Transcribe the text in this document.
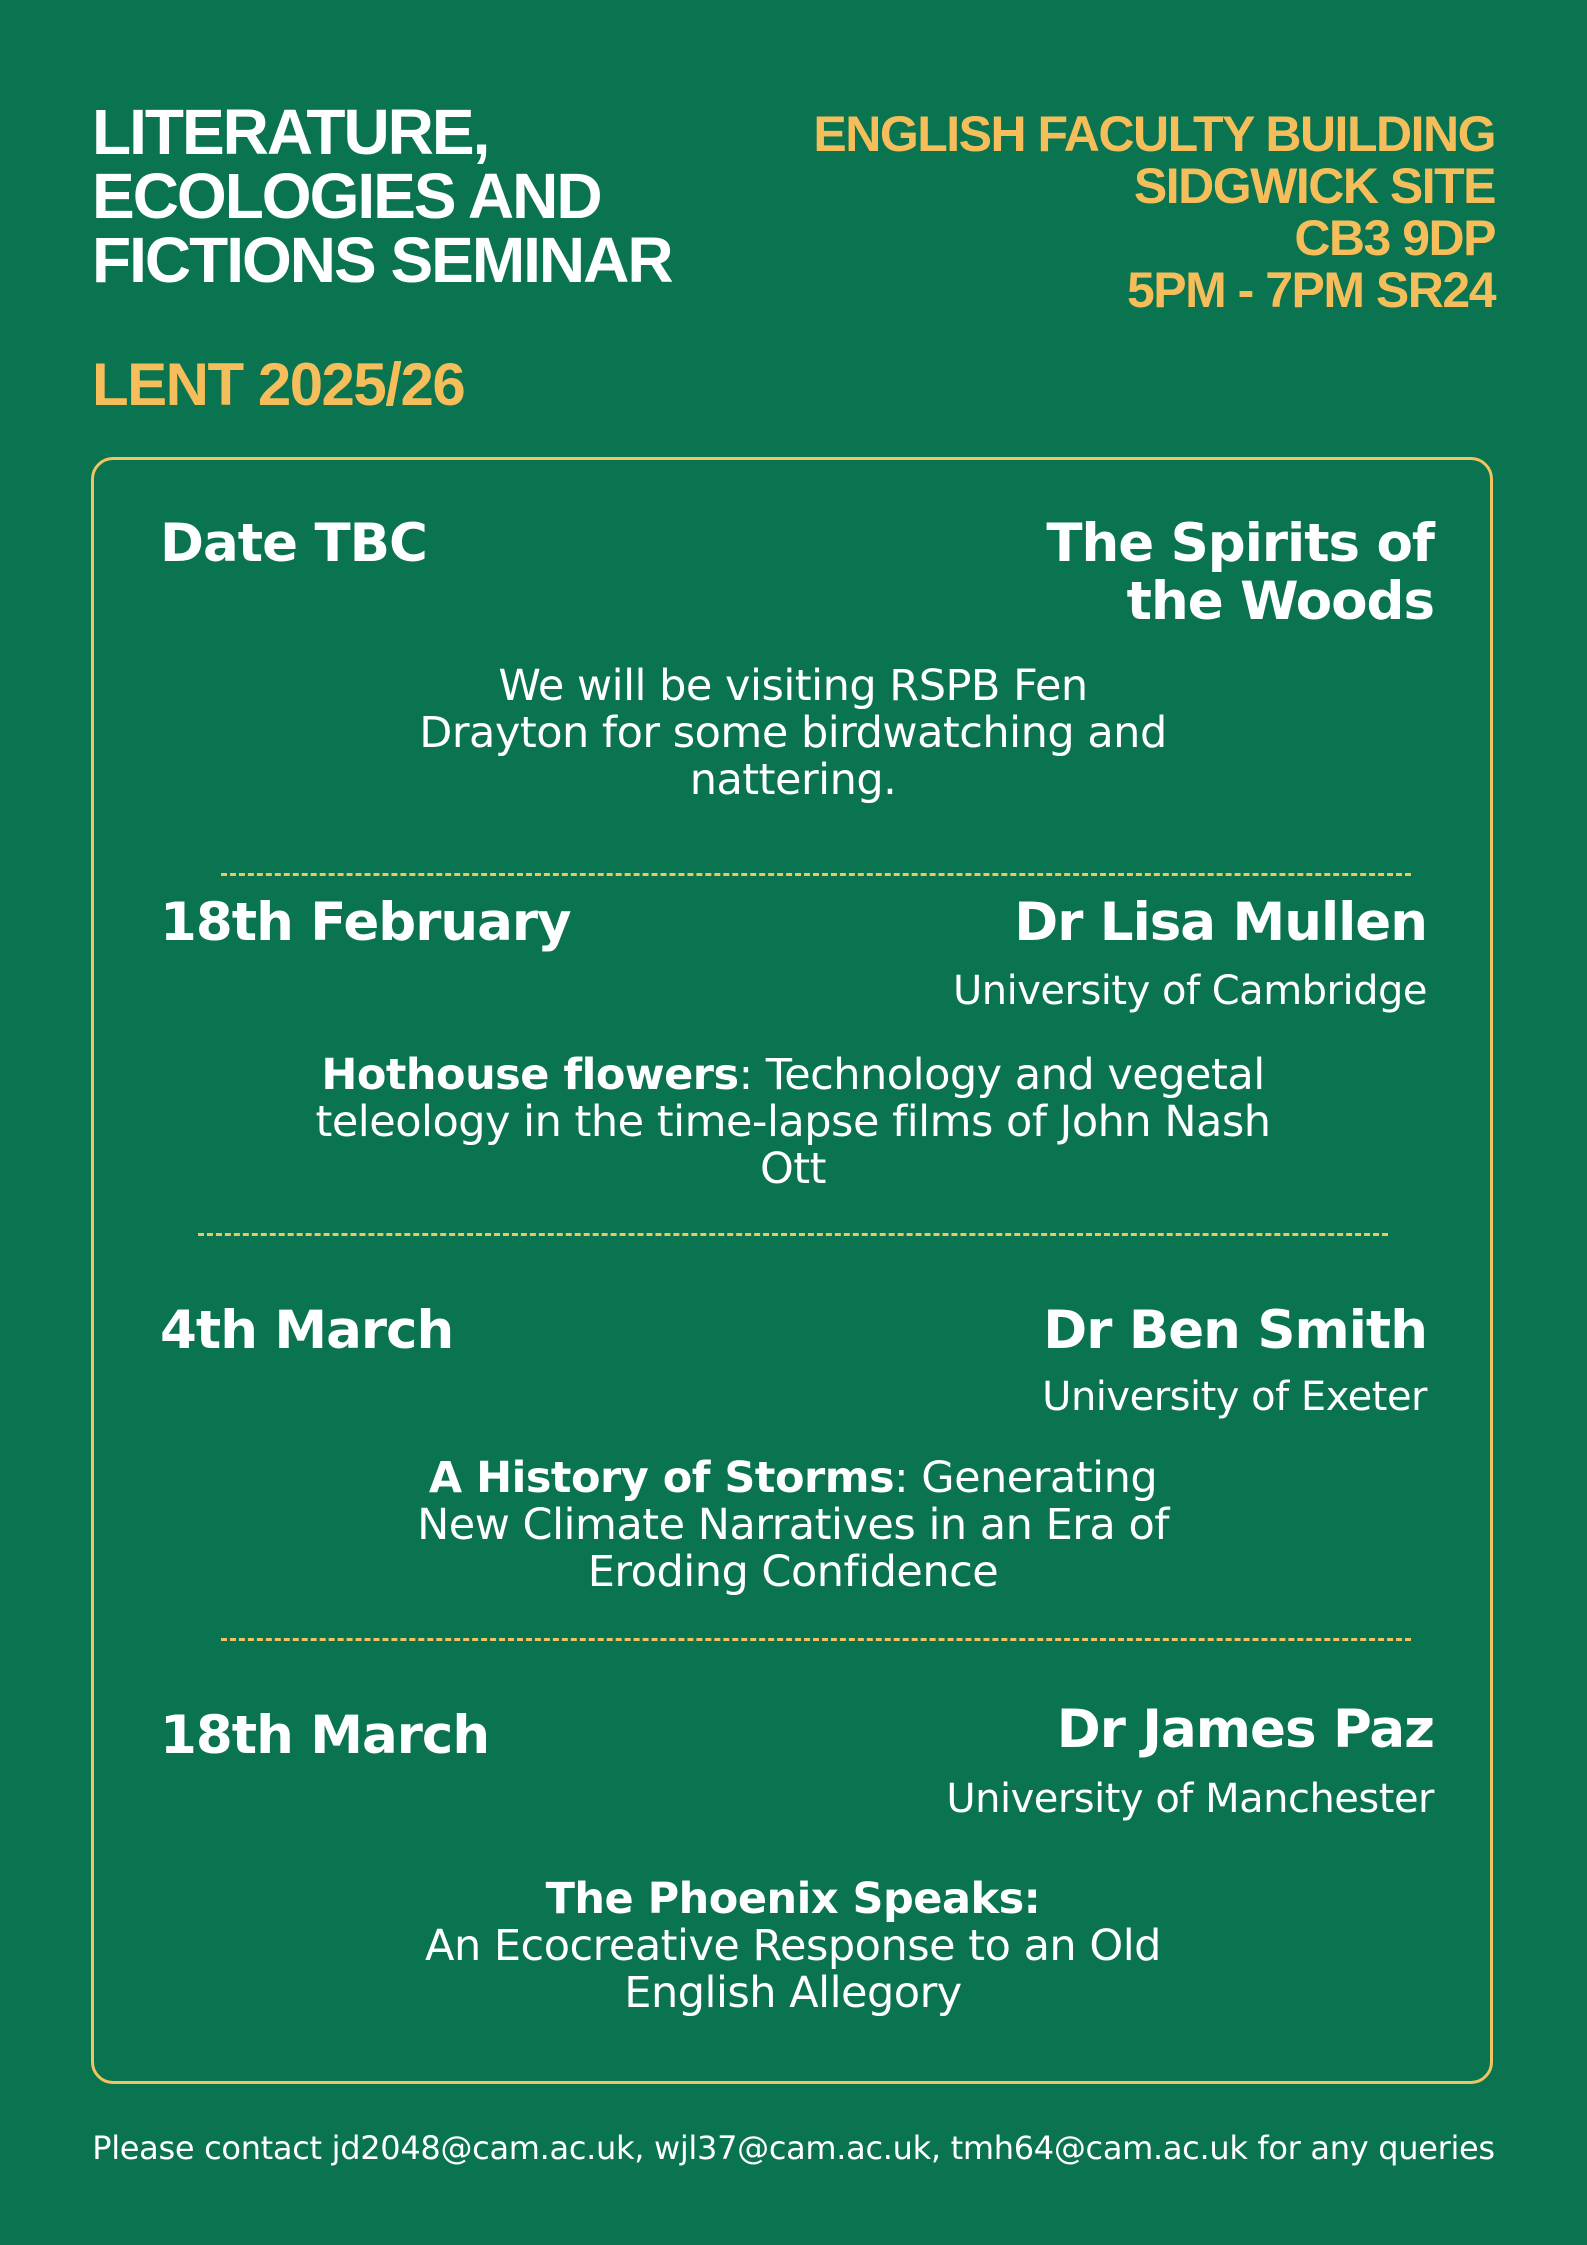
LITERATURE,
ECOLOGIES AND
FICTIONS SEMINAR
ENGLISH FACULTY BUILDING
SIDGWICK SITE
CB3 9DP
5PM - 7PM SR24
LENT 2025/26
Date TBC	The Spirits of
the Woods
We will be visiting RSPB Fen
Drayton for some birdwatching and
nattering.
18th February	Dr Lisa Mullen
University of Cambridge
Hothouse flowers: Technology and vegetal
teleology in the time-lapse films of John Nash
Ott
4th March	Dr Ben Smith
University of Exeter
A History of Storms: Generating
New Climate Narratives in an Era of
Eroding Confidence
18th March	Dr James Paz
University of Manchester
The Phoenix Speaks:
An Ecocreative Response to an Old
English Allegory
Please contact jd2048@cam.ac.uk, wjl37@cam.ac.uk, tmh64@cam.ac.uk for any queries
